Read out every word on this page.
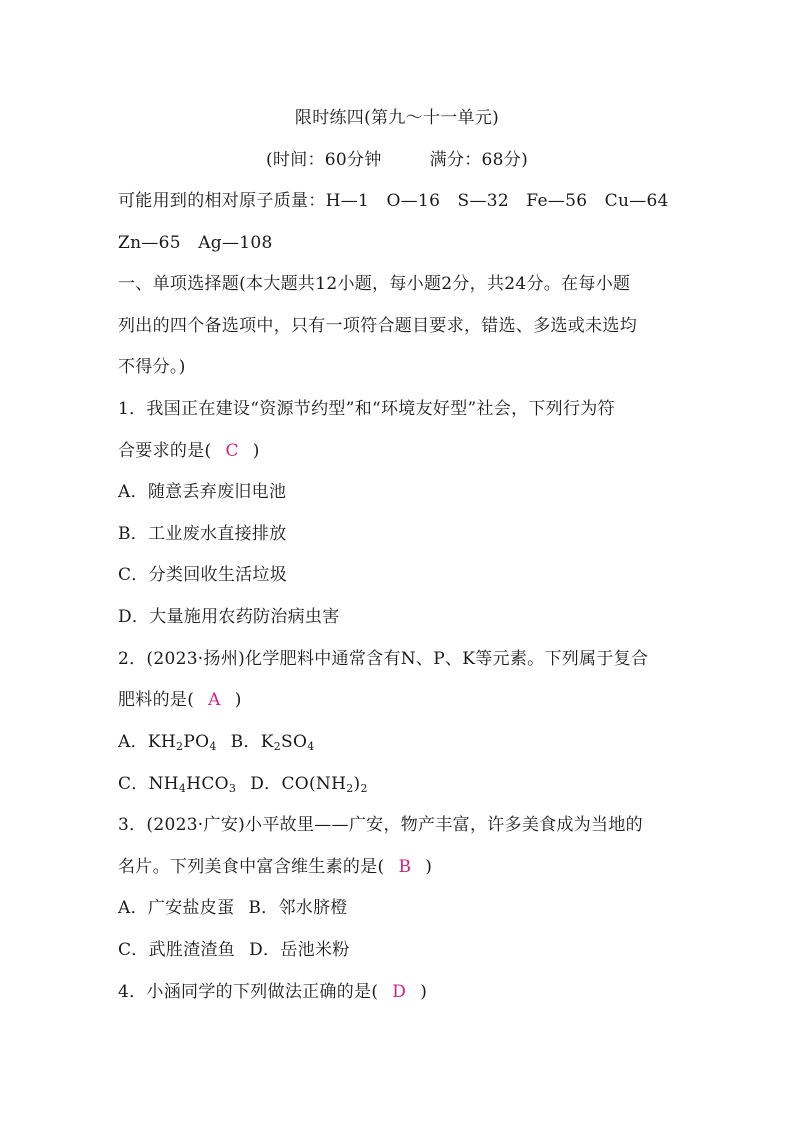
限时练四(第九～十一单元)
(时间：60分钟	满分：68分)
可能用到的相对原子质量：H—1　O—16　S—32　Fe—56　Cu—64
Zn—65　Ag—108
一、单项选择题(本大题共12小题，每小题2分，共24分。在每小题
列出的四个备选项中，只有一项符合题目要求，错选、多选或未选均
不得分。)
1．我国正在建设“资源节约型”和“环境友好型”社会，下列行为符
合要求的是( C )
A．随意丢弃废旧电池
B．工业废水直接排放
C．分类回收生活垃圾
D．大量施用农药防治病虫害
2．(2023·扬州)化学肥料中通常含有N、P、K等元素。下列属于复合
肥料的是( A )
A．$KH_2PO_4$ B．$K_2SO_4$
C．$NH_4HCO_3$ D．$CO(NH_2)_2$
3．(2023·广安)小平故里——广安，物产丰富，许多美食成为当地的
名片。下列美食中富含维生素的是( B )
A．广安盐皮蛋 B．邻水脐橙
C．武胜渣渣鱼 D．岳池米粉
4．小涵同学的下列做法正确的是( D )
